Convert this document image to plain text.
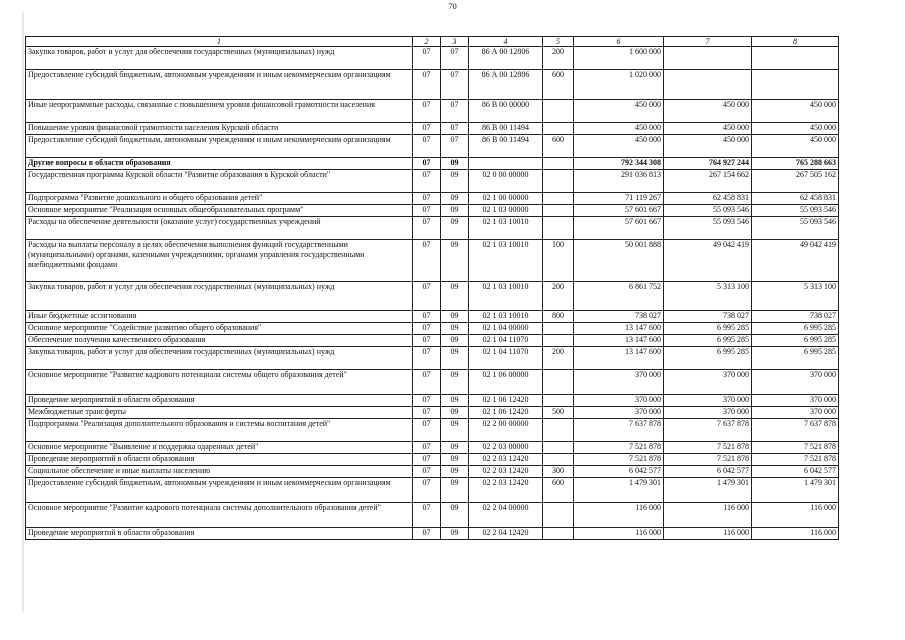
70
1	2	3	4	5	6	7	8
Закупка товаров, работ и услуг для обеспечения государственных (муниципальных) нужд	07	07	86 А 00 12806	200	1 600 000		
Предоставление субсидий бюджетным, автономным учреждениям и иным некоммерческим организациям	07	07	86 А 00 12806	600	1 020 000		
Иные непрограммные расходы, связанные с повышением уровня финансовой грамотности населения	07	07	86 В 00 00000		450 000	450 000	450 000
Повышение уровня финансовой грамотности населения Курской области	07	07	86 В 00 11494		450 000	450 000	450 000
Предоставление субсидий бюджетным, автономным учреждениям и иным некоммерческим организациям	07	07	86 В 00 11494	600	450 000	450 000	450 000
Другие вопросы в области образования	07	09			792 344 308	764 927 244	765 288 663
Государственная программа Курской области "Развитие образования в Курской области"	07	09	02 0 00 00000		291 036 813	267 154 662	267 505 162
Подпрограмма "Развитие дошкольного и общего образования детей"	07	09	02 1 00 00000		71 119 267	62 458 831	62 458 831
Основное мероприятие "Реализация основных общеобразовательных программ"	07	09	02 1 03 00000		57 601 667	55 093 546	55 093 546
Расходы на обеспечение деятельности (оказание услуг) государственных учреждений	07	09	02 1 03 10010		57 601 667	55 093 546	55 093 546
Расходы на выплаты персоналу в целях обеспечения выполнения функций государственными (муниципальными) органами, казенными учреждениями, органами управления государственными внебюджетными фондами	07	09	02 1 03 10010	100	50 001 888	49 042 419	49 042 419
Закупка товаров, работ и услуг для обеспечения государственных (муниципальных) нужд	07	09	02 1 03 10010	200	6 861 752	5 313 100	5 313 100
Иные бюджетные ассигнования	07	09	02 1 03 10010	800	738 027	738 027	738 027
Основное мероприятие "Содействие развитию общего образования"	07	09	02 1 04 00000		13 147 600	6 995 285	6 995 285
Обеспечение получения качественного образования	07	09	02 1 04 11070		13 147 600	6 995 285	6 995 285
Закупка товаров, работ и услуг для обеспечения государственных (муниципальных) нужд	07	09	02 1 04 11070	200	13 147 600	6 995 285	6 995 285
Основное мероприятие "Развитие кадрового потенциала системы общего образования детей"	07	09	02 1 06 00000		370 000	370 000	370 000
Проведение мероприятий в области образования	07	09	02 1 06 12420		370 000	370 000	370 000
Межбюджетные трансферты	07	09	02 1 06 12420	500	370 000	370 000	370 000
Подпрограмма "Реализация дополнительного образования и системы воспитания детей"	07	09	02 2 00 00000		7 637 878	7 637 878	7 637 878
Основное мероприятие "Выявление и поддержка одаренных детей"	07	09	02 2 03 00000		7 521 878	7 521 878	7 521 878
Проведение мероприятий в области образования	07	09	02 2 03 12420		7 521 878	7 521 878	7 521 878
Социальное обеспечение и иные выплаты населению	07	09	02 2 03 12420	300	6 042 577	6 042 577	6 042 577
Предоставление субсидий бюджетным, автономным учреждениям и иным некоммерческим организациям	07	09	02 2 03 12420	600	1 479 301	1 479 301	1 479 301
Основное мероприятие "Развитие кадрового потенциала системы дополнительного образования детей"	07	09	02 2 04 00000		116 000	116 000	116 000
Проведение мероприятий в области образования	07	09	02 2 04 12420		116 000	116 000	116 000
